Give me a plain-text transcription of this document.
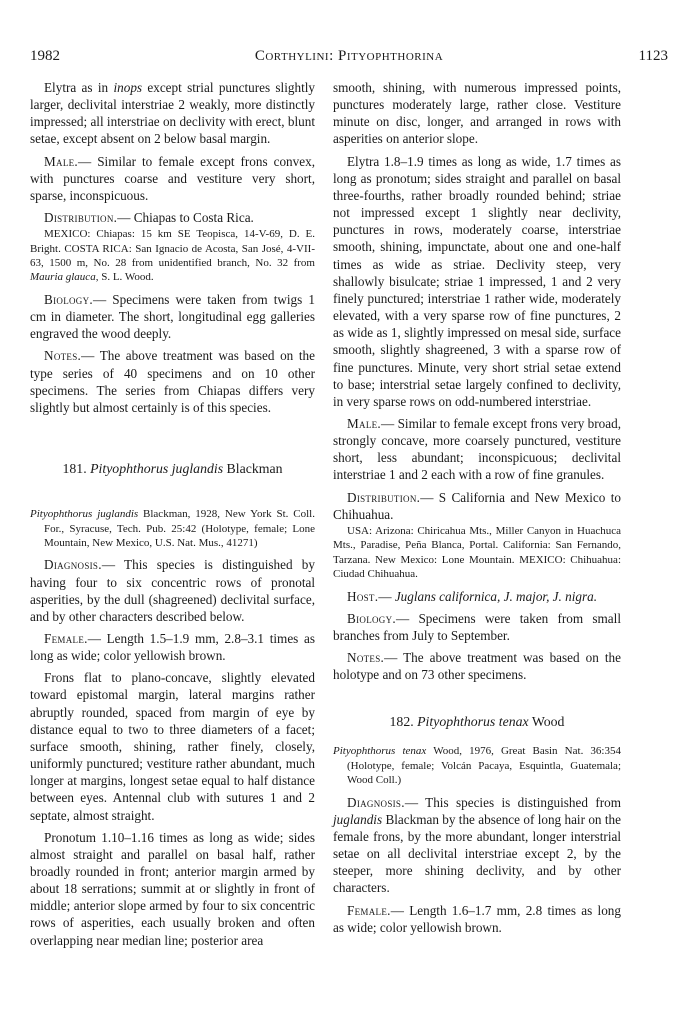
1982	Corthylini: Pityophthorina	1123

Elytra as in inops except strial punctures slightly larger, declivital interstriae 2 weakly, more distinctly impressed; all interstriae on declivity with erect, blunt setae, except absent on 2 below basal margin.

Male.— Similar to female except frons convex, with punctures coarse and vestiture very short, sparse, inconspicuous.

Distribution.— Chiapas to Costa Rica.

MEXICO: Chiapas: 15 km SE Teopisca, 14-V-69, D. E. Bright. COSTA RICA: San Ignacio de Acosta, San José, 4-VII-63, 1500 m, No. 28 from unidentified branch, No. 32 from Mauria glauca, S. L. Wood.

Biology.— Specimens were taken from twigs 1 cm in diameter. The short, longitudinal egg galleries engraved the wood deeply.

Notes.— The above treatment was based on the type series of 40 specimens and on 10 other specimens. The series from Chiapas differs very slightly but almost certainly is of this species.

181. Pityophthorus juglandis Blackman

Pityophthorus juglandis Blackman, 1928, New York St. Coll. For., Syracuse, Tech. Pub. 25:42 (Holotype, female; Lone Mountain, New Mexico, U.S. Nat. Mus., 41271)

Diagnosis.— This species is distinguished by having four to six concentric rows of pronotal asperities, by the dull (shagreened) declivital surface, and by other characters described below.

Female.— Length 1.5–1.9 mm, 2.8–3.1 times as long as wide; color yellowish brown.

Frons flat to plano-concave, slightly elevated toward epistomal margin, lateral margins rather abruptly rounded, spaced from margin of eye by distance equal to two to three diameters of a facet; surface smooth, shining, rather finely, closely, uniformly punctured; vestiture rather abundant, much longer at margins, longest setae equal to half distance between eyes. Antennal club with sutures 1 and 2 septate, almost straight.

Pronotum 1.10–1.16 times as long as wide; sides almost straight and parallel on basal half, rather broadly rounded in front; anterior margin armed by about 18 serrations; summit at or slightly in front of middle; anterior slope armed by four to six concentric rows of asperities, each usually broken and often overlapping near median line; posterior area

smooth, shining, with numerous impressed points, punctures moderately large, rather close. Vestiture minute on disc, longer, and arranged in rows with asperities on anterior slope.

Elytra 1.8–1.9 times as long as wide, 1.7 times as long as pronotum; sides straight and parallel on basal three-fourths, rather broadly rounded behind; striae not impressed except 1 slightly near declivity, punctures in rows, moderately coarse, interstriae smooth, shining, impunctate, about one and one-half times as wide as striae. Declivity steep, very shallowly bisulcate; striae 1 impressed, 1 and 2 very finely punctured; interstriae 1 rather wide, moderately elevated, with a very sparse row of fine punctures, 2 as wide as 1, slightly impressed on mesal side, surface smooth, slightly shagreened, 3 with a sparse row of fine punctures. Minute, very short strial setae extend to base; interstrial setae largely confined to declivity, in very sparse rows on odd-numbered interstriae.

Male.— Similar to female except frons very broad, strongly concave, more coarsely punctured, vestiture short, less abundant; inconspicuous; declivital interstriae 1 and 2 each with a row of fine granules.

Distribution.— S California and New Mexico to Chihuahua.

USA: Arizona: Chiricahua Mts., Miller Canyon in Huachuca Mts., Paradise, Peña Blanca, Portal. California: San Fernando, Tarzana. New Mexico: Lone Mountain. MEXICO: Chihuahua: Ciudad Chihuahua.

Host.— Juglans californica, J. major, J. nigra.

Biology.— Specimens were taken from small branches from July to September.

Notes.— The above treatment was based on the holotype and on 73 other specimens.

182. Pityophthorus tenax Wood

Pityophthorus tenax Wood, 1976, Great Basin Nat. 36:354 (Holotype, female; Volcán Pacaya, Esquintla, Guatemala; Wood Coll.)

Diagnosis.— This species is distinguished from juglandis Blackman by the absence of long hair on the female frons, by the more abundant, longer interstrial setae on all declivital interstriae except 2, by the steeper, more shining declivity, and by other characters.

Female.— Length 1.6–1.7 mm, 2.8 times as long as wide; color yellowish brown.
